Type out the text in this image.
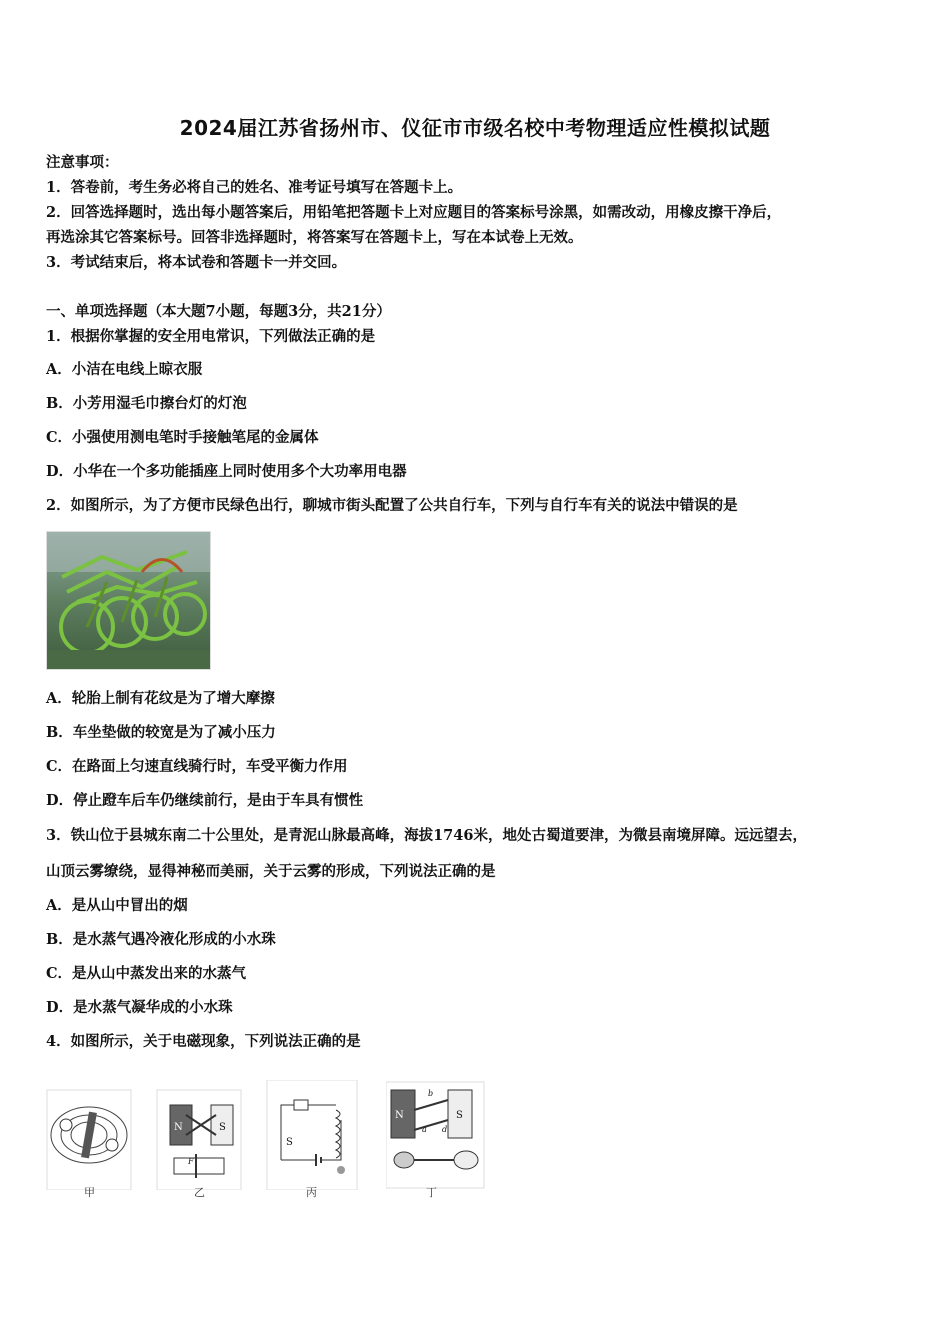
2024届江苏省扬州市、仪征市市级名校中考物理适应性模拟试题
注意事项：
1．答卷前，考生务必将自己的姓名、准考证号填写在答题卡上。
2．回答选择题时，选出每小题答案后，用铅笔把答题卡上对应题目的答案标号涂黑，如需改动，用橡皮擦干净后，
再选涂其它答案标号。回答非选择题时，将答案写在答题卡上，写在本试卷上无效。
3．考试结束后，将本试卷和答题卡一并交回。
一、单项选择题（本大题7小题，每题3分，共21分）
1．根据你掌握的安全用电常识，下列做法正确的是
A．小洁在电线上晾衣服
B．小芳用湿毛巾擦台灯的灯泡
C．小强使用测电笔时手接触笔尾的金属体
D．小华在一个多功能插座上同时使用多个大功率用电器
2．如图所示，为了方便市民绿色出行，聊城市街头配置了公共自行车，下列与自行车有关的说法中错误的是
A．轮胎上制有花纹是为了增大摩擦
B．车坐垫做的较宽是为了减小压力
C．在路面上匀速直线骑行时，车受平衡力作用
D．停止蹬车后车仍继续前行，是由于车具有惯性
3．铁山位于县城东南二十公里处，是青泥山脉最高峰，海拔1746米，地处古蜀道要津，为微县南境屏障。远远望去，
山顶云雾缭绕，显得神秘而美丽，关于云雾的形成，下列说法正确的是
A．是从山中冒出的烟
B．是水蒸气遇冷液化形成的小水珠
C．是从山中蒸发出来的水蒸气
D．是水蒸气凝华成的小水珠
4．如图所示，关于电磁现象，下列说法正确的是
甲
N	S
F
乙
S
丙
N	S
b
a d
丁
